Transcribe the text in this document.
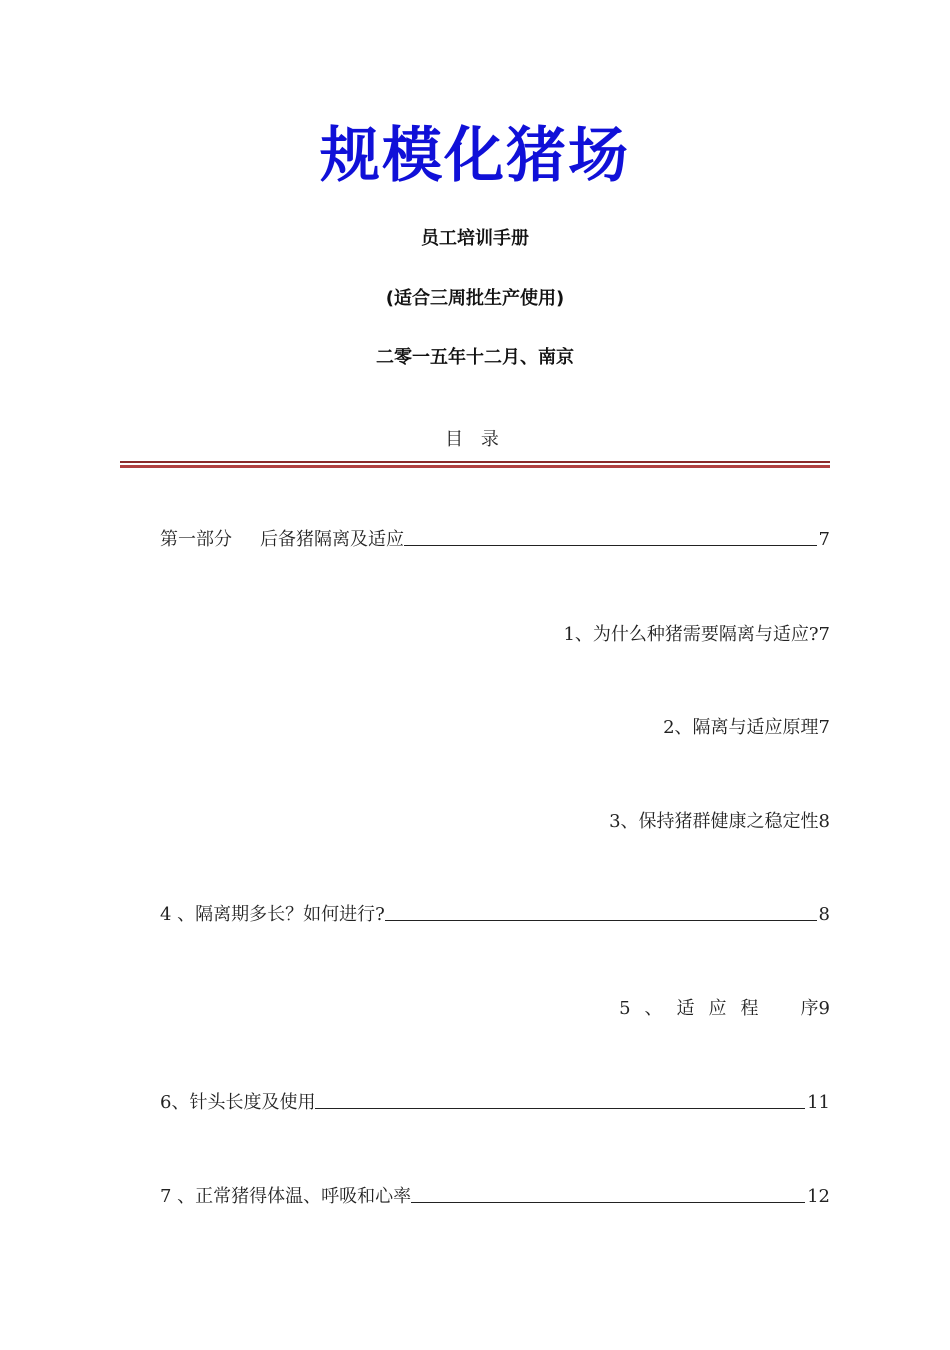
规模化猪场
员工培训手册
(适合三周批生产使用)
二零一五年十二月、南京
目 录
第一部分 后备猪隔离及适应	7
1、为什么种猪需要隔离与适应? 7
2、隔离与适应原理 7
3、保持猪群健康之稳定性 8
4 、隔离期多长？如何进行?	8
5、适应程 序 9
6、针头长度及使用	11
7 、正常猪得体温、呼吸和心率	12
